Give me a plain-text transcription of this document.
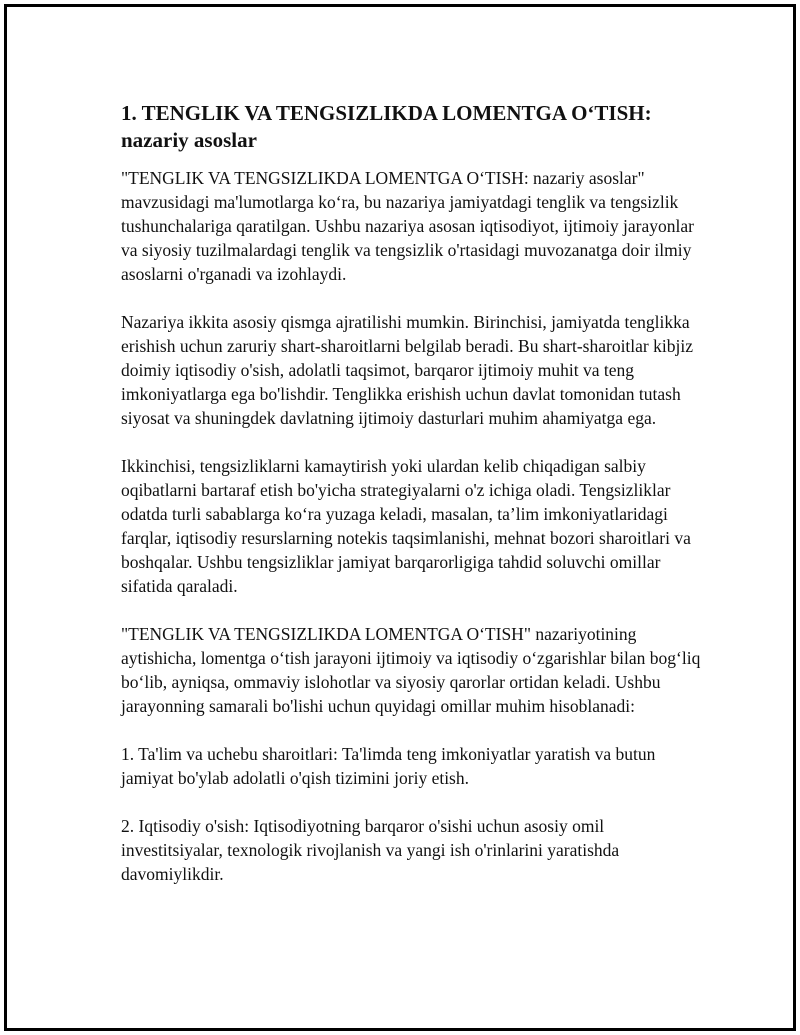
1. TENGLIK VA TENGSIZLIKDA LOMENTGA O‘TISH: nazariy asoslar

"TENGLIK VA TENGSIZLIKDA LOMENTGA O‘TISH: nazariy asoslar" mavzusidagi ma'lumotlarga ko‘ra, bu nazariya jamiyatdagi tenglik va tengsizlik tushunchalariga qaratilgan. Ushbu nazariya asosan iqtisodiyot, ijtimoiy jarayonlar va siyosiy tuzilmalardagi tenglik va tengsizlik o'rtasidagi muvozanatga doir ilmiy asoslarni o'rganadi va izohlaydi.

Nazariya ikkita asosiy qismga ajratilishi mumkin. Birinchisi, jamiyatda tenglikka erishish uchun zaruriy shart-sharoitlarni belgilab beradi. Bu shart-sharoitlar kibjiz doimiy iqtisodiy o'sish, adolatli taqsimot, barqaror ijtimoiy muhit va teng imkoniyatlarga ega bo'lishdir. Tenglikka erishish uchun davlat tomonidan tutash siyosat va shuningdek davlatning ijtimoiy dasturlari muhim ahamiyatga ega.

Ikkinchisi, tengsizliklarni kamaytirish yoki ulardan kelib chiqadigan salbiy oqibatlarni bartaraf etish bo'yicha strategiyalarni o'z ichiga oladi. Tengsizliklar odatda turli sabablarga ko‘ra yuzaga keladi, masalan, ta’lim imkoniyatlaridagi farqlar, iqtisodiy resurslarning notekis taqsimlanishi, mehnat bozori sharoitlari va boshqalar. Ushbu tengsizliklar jamiyat barqarorligiga tahdid soluvchi omillar sifatida qaraladi.

"TENGLIK VA TENGSIZLIKDA LOMENTGA O‘TISH" nazariyotining aytishicha, lomentga o‘tish jarayoni ijtimoiy va iqtisodiy o‘zgarishlar bilan bog‘liq bo‘lib, ayniqsa, ommaviy islohotlar va siyosiy qarorlar ortidan keladi. Ushbu jarayonning samarali bo'lishi uchun quyidagi omillar muhim hisoblanadi:

1. Ta'lim va uchebu sharoitlari: Ta'limda teng imkoniyatlar yaratish va butun jamiyat bo'ylab adolatli o'qish tizimini joriy etish.

2. Iqtisodiy o'sish: Iqtisodiyotning barqaror o'sishi uchun asosiy omil investitsiyalar, texnologik rivojlanish va yangi ish o'rinlarini yaratishda davomiylikdir.
